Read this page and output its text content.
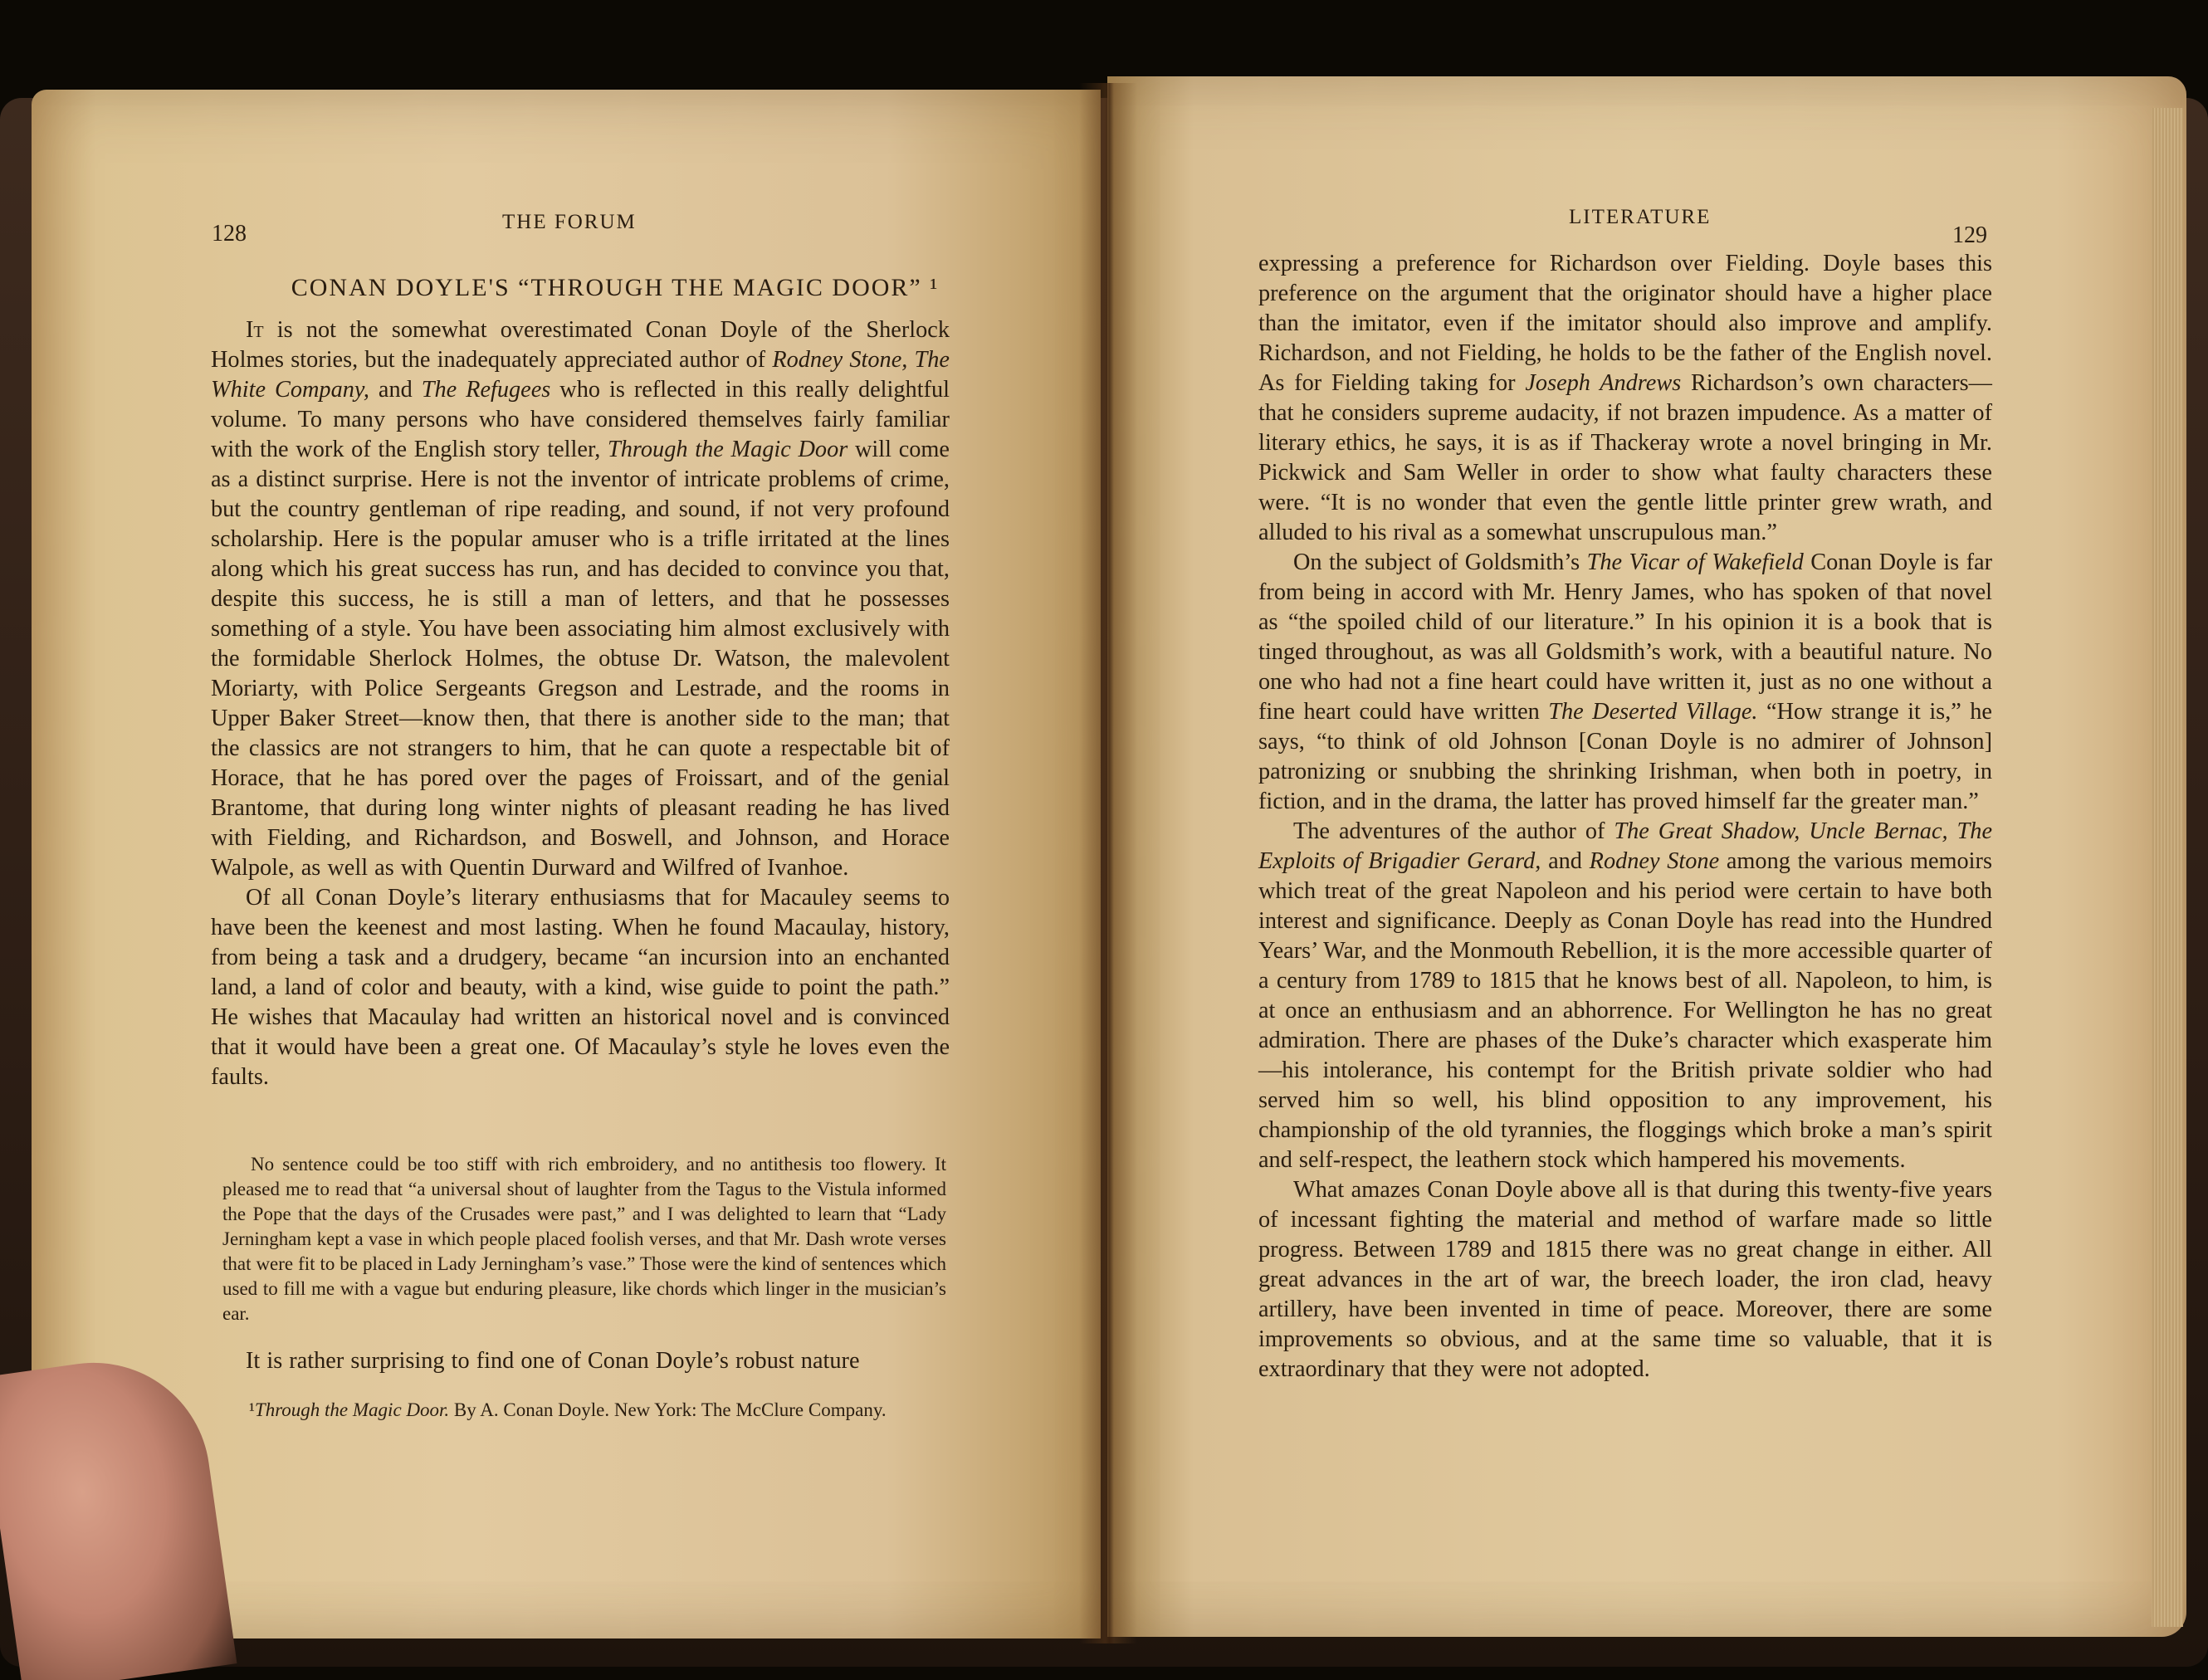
128	THE FORUM
CONAN DOYLE'S “THROUGH THE MAGIC DOOR” ¹

It is not the somewhat overestimated Conan Doyle of the Sherlock Holmes stories, but the inadequately appreciated author of Rodney Stone, The White Company, and The Refugees who is reflected in this really delightful volume. To many persons who have considered themselves fairly familiar with the work of the English story teller, Through the Magic Door will come as a distinct surprise. Here is not the inventor of intricate problems of crime, but the country gentleman of ripe reading, and sound, if not very profound scholarship. Here is the popular amuser who is a trifle irritated at the lines along which his great success has run, and has decided to convince you that, despite this success, he is still a man of letters, and that he possesses something of a style. You have been associating him almost exclusively with the formidable Sherlock Holmes, the obtuse Dr. Watson, the malevolent Moriarty, with Police Sergeants Gregson and Lestrade, and the rooms in Upper Baker Street—know then, that there is another side to the man; that the classics are not strangers to him, that he can quote a respectable bit of Horace, that he has pored over the pages of Froissart, and of the genial Brantome, that during long winter nights of pleasant reading he has lived with Fielding, and Richardson, and Boswell, and Johnson, and Horace Walpole, as well as with Quentin Durward and Wilfred of Ivanhoe.

Of all Conan Doyle’s literary enthusiasms that for Macauley seems to have been the keenest and most lasting. When he found Macaulay, history, from being a task and a drudgery, became “an incursion into an enchanted land, a land of color and beauty, with a kind, wise guide to point the path.” He wishes that Macaulay had written an historical novel and is convinced that it would have been a great one. Of Macaulay’s style he loves even the faults.

No sentence could be too stiff with rich embroidery, and no antithesis too flowery. It pleased me to read that “a universal shout of laughter from the Tagus to the Vistula informed the Pope that the days of the Crusades were past,” and I was delighted to learn that “Lady Jerningham kept a vase in which people placed foolish verses, and that Mr. Dash wrote verses that were fit to be placed in Lady Jerningham’s vase.” Those were the kind of sentences which used to fill me with a vague but enduring pleasure, like chords which linger in the musician’s ear.

It is rather surprising to find one of Conan Doyle’s robust nature

¹Through the Magic Door. By A. Conan Doyle. New York: The McClure Company.

LITERATURE
129

expressing a preference for Richardson over Fielding. Doyle bases this preference on the argument that the originator should have a higher place than the imitator, even if the imitator should also improve and amplify. Richardson, and not Fielding, he holds to be the father of the English novel. As for Fielding taking for Joseph Andrews Richardson’s own characters—that he considers supreme audacity, if not brazen impudence. As a matter of literary ethics, he says, it is as if Thackeray wrote a novel bringing in Mr. Pickwick and Sam Weller in order to show what faulty characters these were. “It is no wonder that even the gentle little printer grew wrath, and alluded to his rival as a somewhat unscrupulous man.”

On the subject of Goldsmith’s The Vicar of Wakefield Conan Doyle is far from being in accord with Mr. Henry James, who has spoken of that novel as “the spoiled child of our literature.” In his opinion it is a book that is tinged throughout, as was all Goldsmith’s work, with a beautiful nature. No one who had not a fine heart could have written it, just as no one without a fine heart could have written The Deserted Village. “How strange it is,” he says, “to think of old Johnson [Conan Doyle is no admirer of Johnson] patronizing or snubbing the shrinking Irishman, when both in poetry, in fiction, and in the drama, the latter has proved himself far the greater man.”

The adventures of the author of The Great Shadow, Uncle Bernac, The Exploits of Brigadier Gerard, and Rodney Stone among the various memoirs which treat of the great Napoleon and his period were certain to have both interest and significance. Deeply as Conan Doyle has read into the Hundred Years’ War, and the Monmouth Rebellion, it is the more accessible quarter of a century from 1789 to 1815 that he knows best of all. Napoleon, to him, is at once an enthusiasm and an abhorrence. For Wellington he has no great admiration. There are phases of the Duke’s character which exasperate him—his intolerance, his contempt for the British private soldier who had served him so well, his blind opposition to any improvement, his championship of the old tyrannies, the floggings which broke a man’s spirit and self-respect, the leathern stock which hampered his movements.

What amazes Conan Doyle above all is that during this twenty-five years of incessant fighting the material and method of warfare made so little progress. Between 1789 and 1815 there was no great change in either. All great advances in the art of war, the breech loader, the iron clad, heavy artillery, have been invented in time of peace. Moreover, there are some improvements so obvious, and at the same time so valuable, that it is extraordinary that they were not adopted.
